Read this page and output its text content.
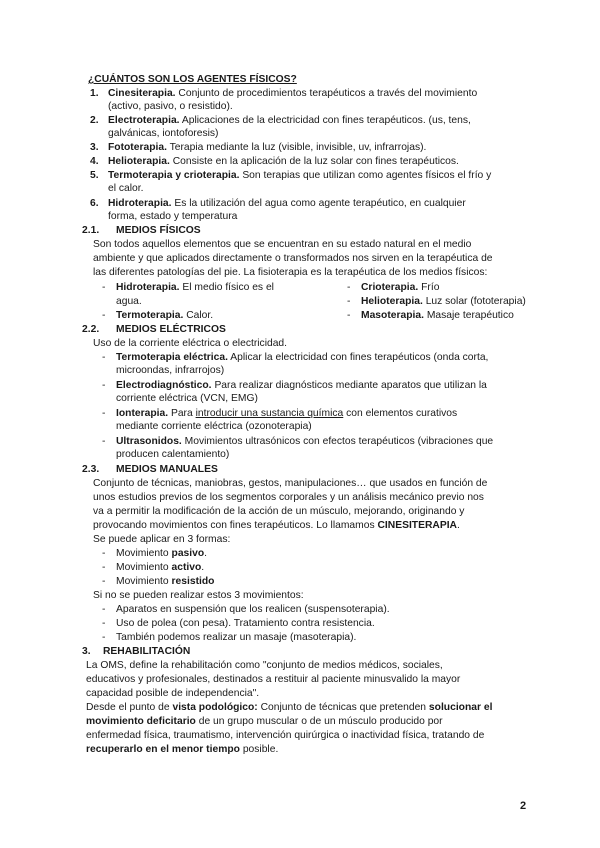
¿CUÁNTOS SON LOS AGENTES FÍSICOS?
1. Cinesiterapia. Conjunto de procedimientos terapéuticos a través del movimiento
(activo, pasivo, o resistido).
2. Electroterapia. Aplicaciones de la electricidad con fines terapéuticos. (us, tens,
galvánicas, iontoforesis)
3. Fototerapia. Terapia mediante la luz (visible, invisible, uv, infrarrojas).
4. Helioterapia. Consiste en la aplicación de la luz solar con fines terapéuticos.
5. Termoterapia y crioterapia. Son terapias que utilizan como agentes físicos el frío y
el calor.
6. Hidroterapia. Es la utilización del agua como agente terapéutico, en cualquier
forma, estado y temperatura
2.1. MEDIOS FÍSICOS
Son todos aquellos elementos que se encuentran en su estado natural en el medio
ambiente y que aplicados directamente o transformados nos sirven en la terapéutica de
las diferentes patologías del pie. La fisioterapia es la terapéutica de los medios físicos:
- Hidroterapia. El medio físico es el
agua.
- Termoterapia. Calor.
- Crioterapia. Frío
- Helioterapia. Luz solar (fototerapia)
- Masoterapia. Masaje terapéutico
2.2. MEDIOS ELÉCTRICOS
Uso de la corriente eléctrica o electricidad.
- Termoterapia eléctrica. Aplicar la electricidad con fines terapéuticos (onda corta,
microondas, infrarrojos)
- Electrodiagnóstico. Para realizar diagnósticos mediante aparatos que utilizan la
corriente eléctrica (VCN, EMG)
- Ionterapia. Para introducir una sustancia química con elementos curativos
mediante corriente eléctrica (ozonoterapia)
- Ultrasonidos. Movimientos ultrasónicos con efectos terapéuticos (vibraciones que
producen calentamiento)
2.3. MEDIOS MANUALES
Conjunto de técnicas, maniobras, gestos, manipulaciones… que usados en función de
unos estudios previos de los segmentos corporales y un análisis mecánico previo nos
va a permitir la modificación de la acción de un músculo, mejorando, originando y
provocando movimientos con fines terapéuticos. Lo llamamos CINESITERAPIA.
Se puede aplicar en 3 formas:
- Movimiento pasivo.
- Movimiento activo.
- Movimiento resistido
Si no se pueden realizar estos 3 movimientos:
- Aparatos en suspensión que los realicen (suspensoterapia).
- Uso de polea (con pesa). Tratamiento contra resistencia.
- También podemos realizar un masaje (masoterapia).
3. REHABILITACIÓN
La OMS, define la rehabilitación como "conjunto de medios médicos, sociales,
educativos y profesionales, destinados a restituir al paciente minusvalido la mayor
capacidad posible de independencia".
Desde el punto de vista podológico: Conjunto de técnicas que pretenden solucionar el
movimiento deficitario de un grupo muscular o de un músculo producido por
enfermedad física, traumatismo, intervención quirúrgica o inactividad física, tratando de
recuperarlo en el menor tiempo posible.
2
